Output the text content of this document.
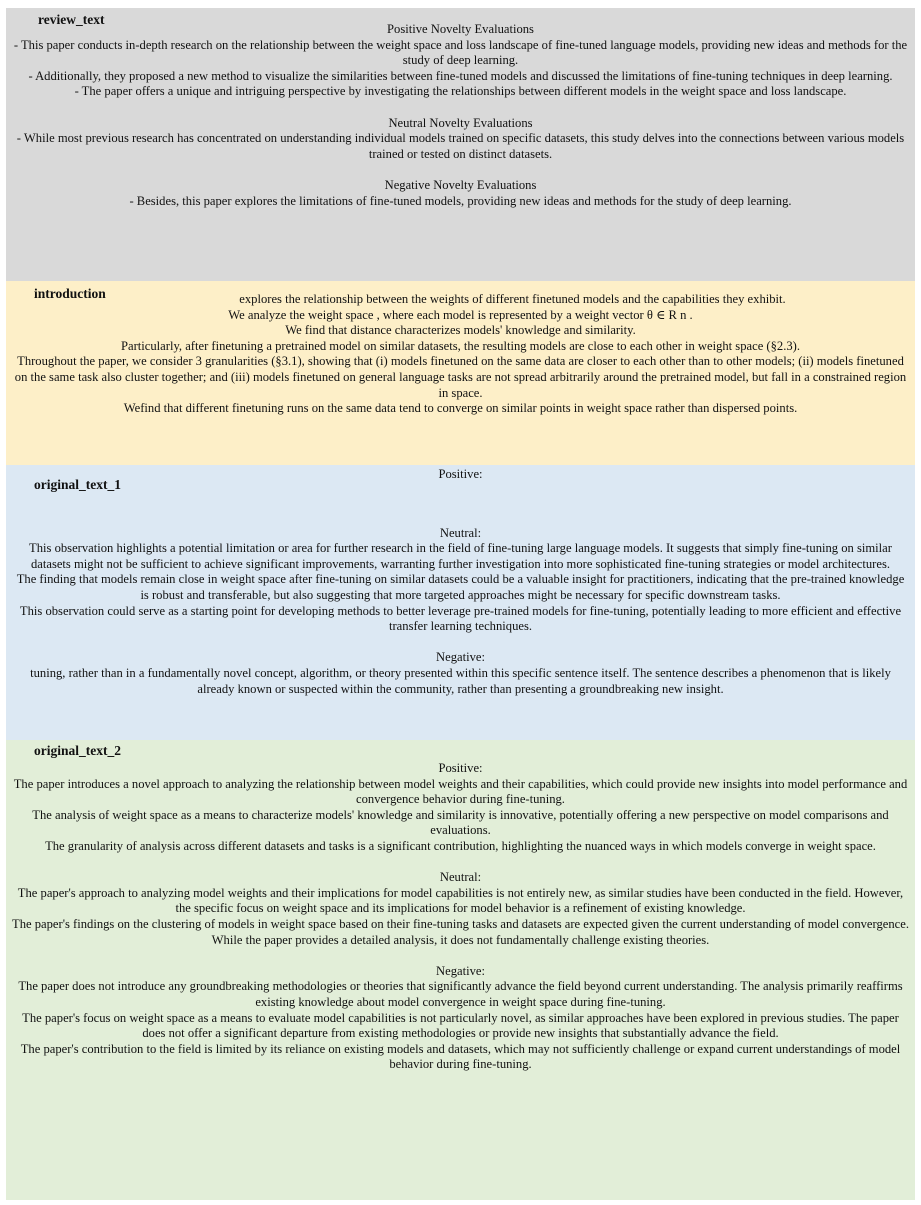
review_text
Positive Novelty Evaluations
- This paper conducts in-depth research on the relationship between the weight space and loss landscape of fine-tuned language models, providing new ideas and methods for the study of deep learning.
- Additionally, they proposed a new method to visualize the similarities between fine-tuned models and discussed the limitations of fine-tuning techniques in deep learning.
- The paper offers a unique and intriguing perspective by investigating the relationships between different models in the weight space and loss landscape.
Neutral Novelty Evaluations
- While most previous research has concentrated on understanding individual models trained on specific datasets, this study delves into the connections between various models trained or tested on distinct datasets.
Negative Novelty Evaluations
- Besides, this paper explores the limitations of fine-tuned models, providing new ideas and methods for the study of deep learning.
introduction	explores the relationship between the weights of different finetuned models and the capabilities they exhibit.
We analyze the weight space , where each model is represented by a weight vector θ ∈ R n .
We find that distance characterizes models' knowledge and similarity.
Particularly, after finetuning a pretrained model on similar datasets, the resulting models are close to each other in weight space (§2.3).
Throughout the paper, we consider 3 granularities (§3.1), showing that (i) models finetuned on the same data are closer to each other than to other models; (ii) models finetuned on the same task also cluster together; and (iii) models finetuned on general language tasks are not spread arbitrarily around the pretrained model, but fall in a constrained region in space.
Wefind that different finetuning runs on the same data tend to converge on similar points in weight space rather than dispersed points.
original_text_1
Positive:
Neutral:
This observation highlights a potential limitation or area for further research in the field of fine-tuning large language models. It suggests that simply fine-tuning on similar datasets might not be sufficient to achieve significant improvements, warranting further investigation into more sophisticated fine-tuning strategies or model architectures.
The finding that models remain close in weight space after fine-tuning on similar datasets could be a valuable insight for practitioners, indicating that the pre-trained knowledge is robust and transferable, but also suggesting that more targeted approaches might be necessary for specific downstream tasks.
This observation could serve as a starting point for developing methods to better leverage pre-trained models for fine-tuning, potentially leading to more efficient and effective transfer learning techniques.
Negative:
tuning, rather than in a fundamentally novel concept, algorithm, or theory presented within this specific sentence itself. The sentence describes a phenomenon that is likely already known or suspected within the community, rather than presenting a groundbreaking new insight.
original_text_2
Positive:
The paper introduces a novel approach to analyzing the relationship between model weights and their capabilities, which could provide new insights into model performance and convergence behavior during fine-tuning.
The analysis of weight space as a means to characterize models' knowledge and similarity is innovative, potentially offering a new perspective on model comparisons and evaluations.
The granularity of analysis across different datasets and tasks is a significant contribution, highlighting the nuanced ways in which models converge in weight space.
Neutral:
The paper's approach to analyzing model weights and their implications for model capabilities is not entirely new, as similar studies have been conducted in the field. However, the specific focus on weight space and its implications for model behavior is a refinement of existing knowledge.
The paper's findings on the clustering of models in weight space based on their fine-tuning tasks and datasets are expected given the current understanding of model convergence. While the paper provides a detailed analysis, it does not fundamentally challenge existing theories.
Negative:
The paper does not introduce any groundbreaking methodologies or theories that significantly advance the field beyond current understanding. The analysis primarily reaffirms existing knowledge about model convergence in weight space during fine-tuning.
The paper's focus on weight space as a means to evaluate model capabilities is not particularly novel, as similar approaches have been explored in previous studies. The paper does not offer a significant departure from existing methodologies or provide new insights that substantially advance the field.
The paper's contribution to the field is limited by its reliance on existing models and datasets, which may not sufficiently challenge or expand current understandings of model behavior during fine-tuning.
